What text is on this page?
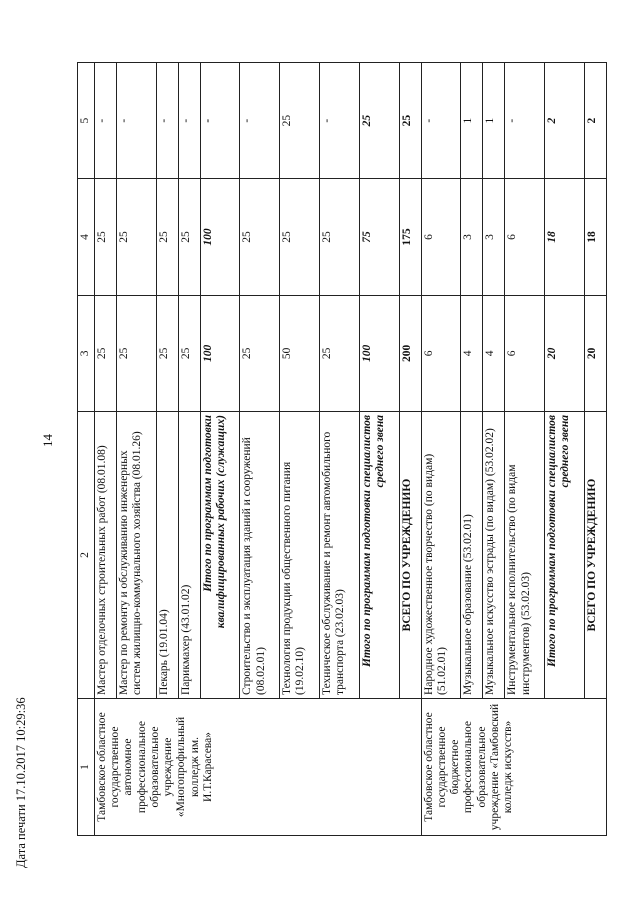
14
Дата печати 17.10.2017 10:29:36	1	2	3	4	5
Тамбовское областное государственное автономное профессиональное образовательное учреждение «Многопрофильный колледж им. И.Т.Карасева»	Мастер отделочных строительных работ (08.01.08)	25	25	-
	Мастер по ремонту и обслуживанию инженерных систем жилищно-коммунального хозяйства (08.01.26)	25	25	-
	Пекарь (19.01.04)	25	25	-
	Парикмахер (43.01.02)	25	25	-
	Итого по программам подготовки квалифицированных рабочих (служащих)	100	100	-
	Строительство и эксплуатация зданий и сооружений (08.02.01)	25	25	-
	Технология продукции общественного питания (19.02.10)	50	25	25
	Техническое обслуживание и ремонт автомобильного транспорта (23.02.03)	25	25	-
	Итого по программам подготовки специалистов среднего звена	100	75	25
	ВСЕГО ПО УЧРЕЖДЕНИЮ	200	175	25
Тамбовское областное государственное бюджетное профессиональное образовательное учреждение «Тамбовский колледж искусств»	Народное художественное творчество (по видам) (51.02.01)	6	6	-
	Музыкальное образование (53.02.01)	4	3	1
	Музыкальное искусство эстрады (по видам) (53.02.02)	4	3	1
	Инструментальное исполнительство (по видам инструментов) (53.02.03)	6	6	-
	Итого по программам подготовки специалистов среднего звена	20	18	2
	ВСЕГО ПО УЧРЕЖДЕНИЮ	20	18	2
